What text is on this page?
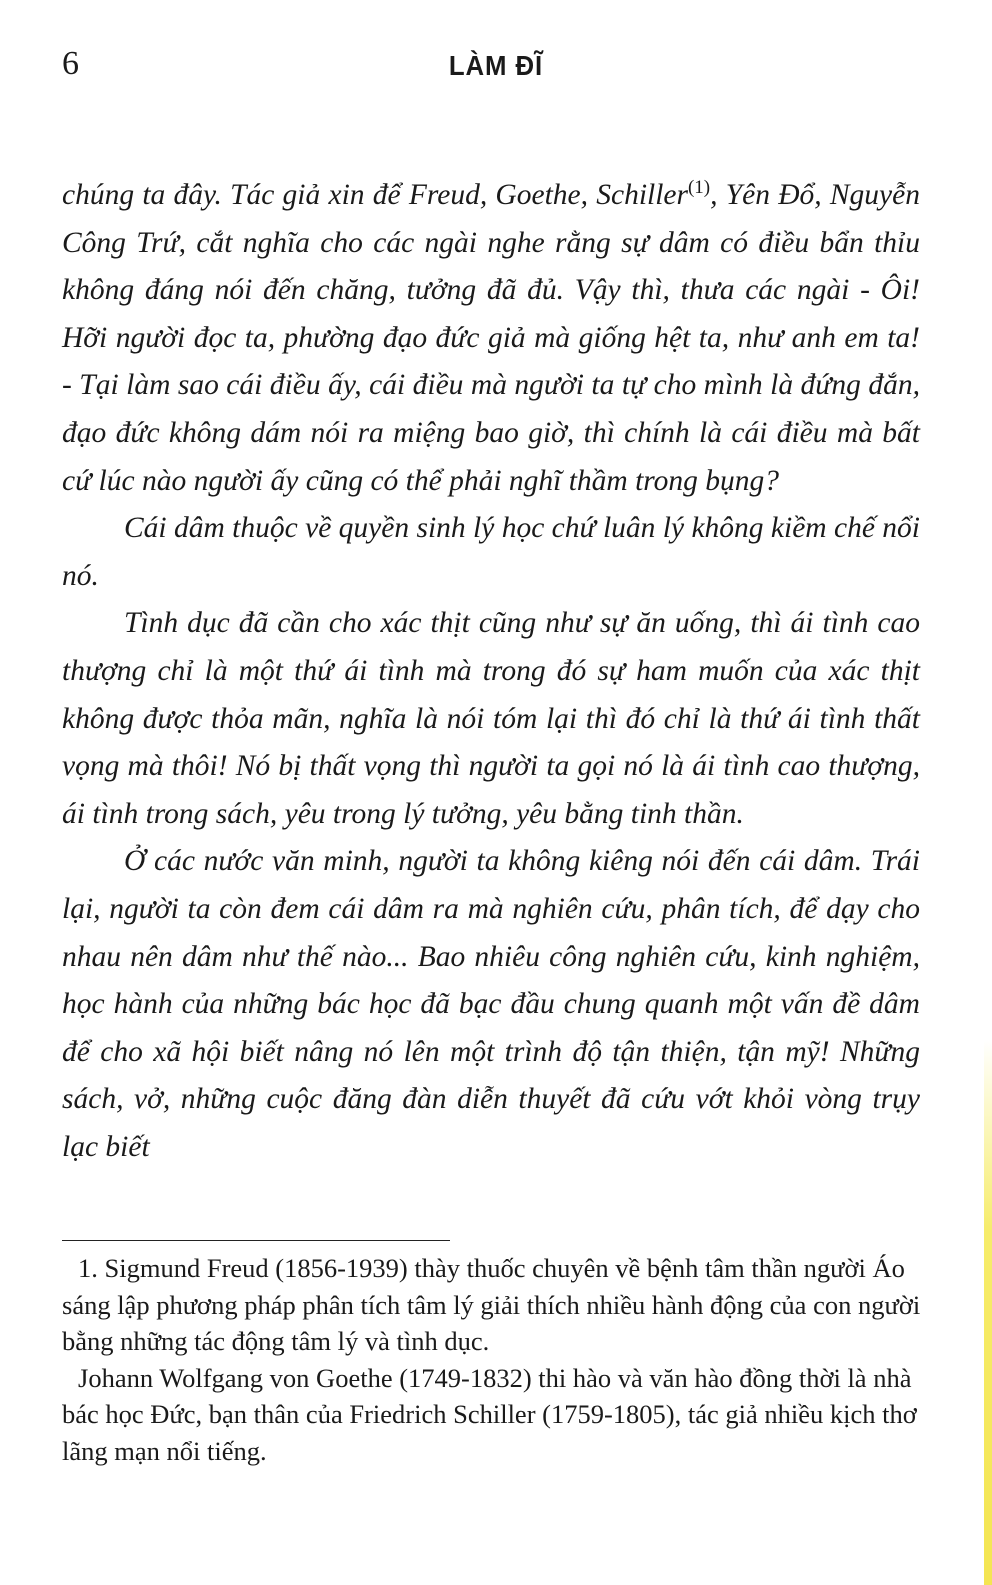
6	LÀM ĐĨ

chúng ta đây. Tác giả xin để Freud, Goethe, Schiller$^{(1)}$, Yên Đổ, Nguyễn Công Trứ, cắt nghĩa cho các ngài nghe rằng sự dâm có điều bẩn thỉu không đáng nói đến chăng, tưởng đã đủ. Vậy thì, thưa các ngài - Ôi! Hỡi người đọc ta, phường đạo đức giả mà giống hệt ta, như anh em ta! - Tại làm sao cái điều ấy, cái điều mà người ta tự cho mình là đứng đắn, đạo đức không dám nói ra miệng bao giờ, thì chính là cái điều mà bất cứ lúc nào người ấy cũng có thể phải nghĩ thầm trong bụng?

Cái dâm thuộc về quyền sinh lý học chứ luân lý không kiềm chế nổi nó.

Tình dục đã cần cho xác thịt cũng như sự ăn uống, thì ái tình cao thượng chỉ là một thứ ái tình mà trong đó sự ham muốn của xác thịt không được thỏa mãn, nghĩa là nói tóm lại thì đó chỉ là thứ ái tình thất vọng mà thôi! Nó bị thất vọng thì người ta gọi nó là ái tình cao thượng, ái tình trong sách, yêu trong lý tưởng, yêu bằng tinh thần.

Ở các nước văn minh, người ta không kiêng nói đến cái dâm. Trái lại, người ta còn đem cái dâm ra mà nghiên cứu, phân tích, để dạy cho nhau nên dâm như thế nào... Bao nhiêu công nghiên cứu, kinh nghiệm, học hành của những bác học đã bạc đầu chung quanh một vấn đề dâm để cho xã hội biết nâng nó lên một trình độ tận thiện, tận mỹ! Những sách, vở, những cuộc đăng đàn diễn thuyết đã cứu vớt khỏi vòng trụy lạc biết

1. Sigmund Freud (1856-1939) thày thuốc chuyên về bệnh tâm thần người Áo sáng lập phương pháp phân tích tâm lý giải thích nhiều hành động của con người bằng những tác động tâm lý và tình dục.

Johann Wolfgang von Goethe (1749-1832) thi hào và văn hào đồng thời là nhà bác học Đức, bạn thân của Friedrich Schiller (1759-1805), tác giả nhiều kịch thơ lãng mạn nổi tiếng.
